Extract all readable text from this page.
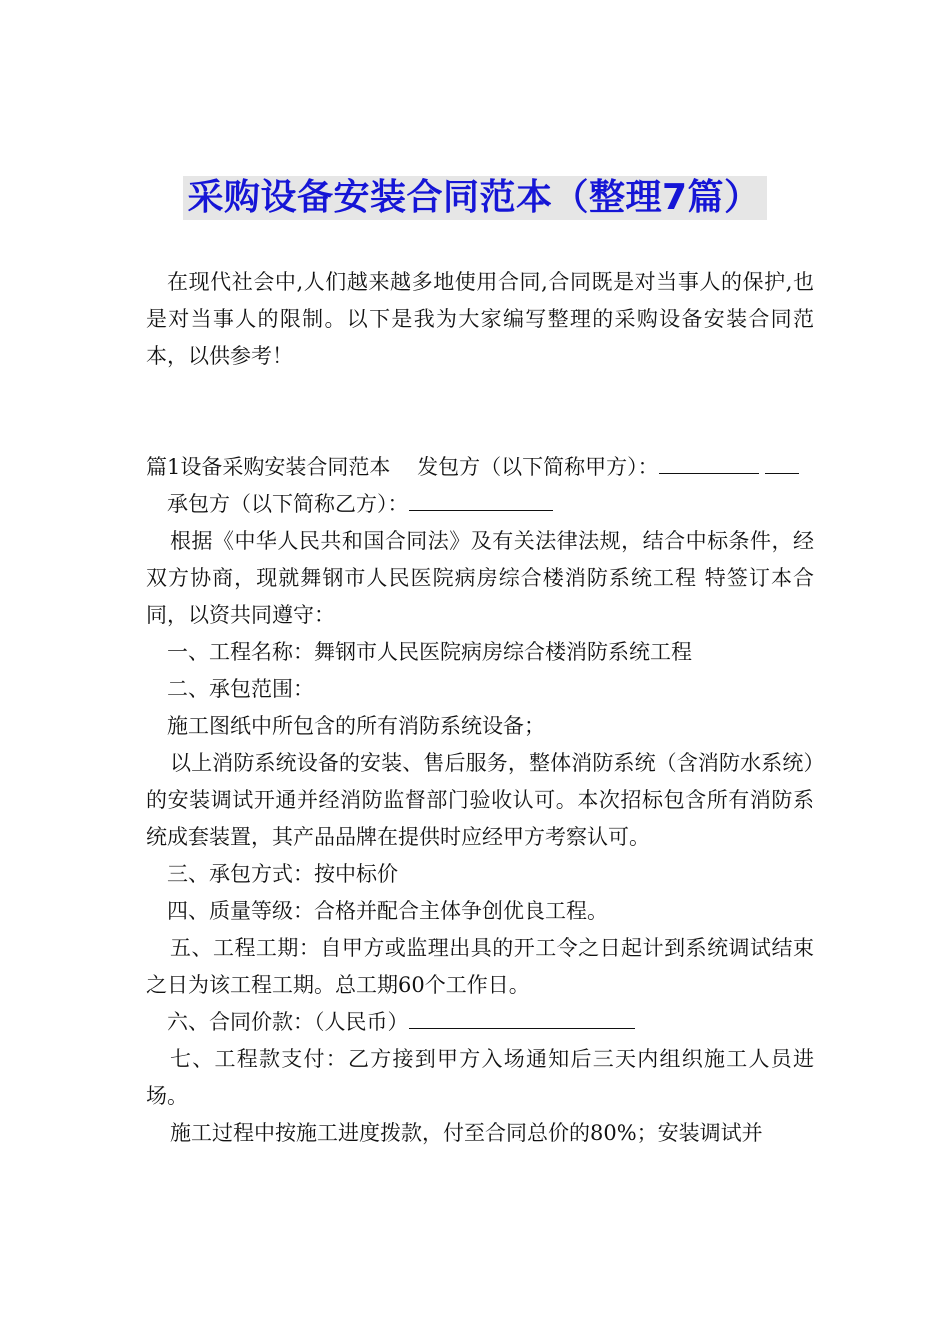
采购设备安装合同范本（整理7篇）

在现代社会中,人们越来越多地使用合同,合同既是对当事人的保护,也是对当事人的限制。以下是我为大家编写整理的采购设备安装合同范本，以供参考！

篇1设备采购安装合同范本 发包方（以下简称甲方）：

承包方（以下简称乙方）：

根据《中华人民共和国合同法》及有关法律法规，结合中标条件，经双方协商，现就舞钢市人民医院病房综合楼消防系统工程 特签订本合同，以资共同遵守：

一、工程名称：舞钢市人民医院病房综合楼消防系统工程

二、承包范围：

施工图纸中所包含的所有消防系统设备；

以上消防系统设备的安装、售后服务，整体消防系统（含消防水系统）的安装调试开通并经消防监督部门验收认可。本次招标包含所有消防系统成套装置，其产品品牌在提供时应经甲方考察认可。

三、承包方式：按中标价

四、质量等级：合格并配合主体争创优良工程。

五、工程工期：自甲方或监理出具的开工令之日起计到系统调试结束之日为该工程工期。总工期60个工作日。

六、合同价款：（人民币）

七、工程款支付：乙方接到甲方入场通知后三天内组织施工人员进场。

施工过程中按施工进度拨款，付至合同总价的80%；安装调试并
